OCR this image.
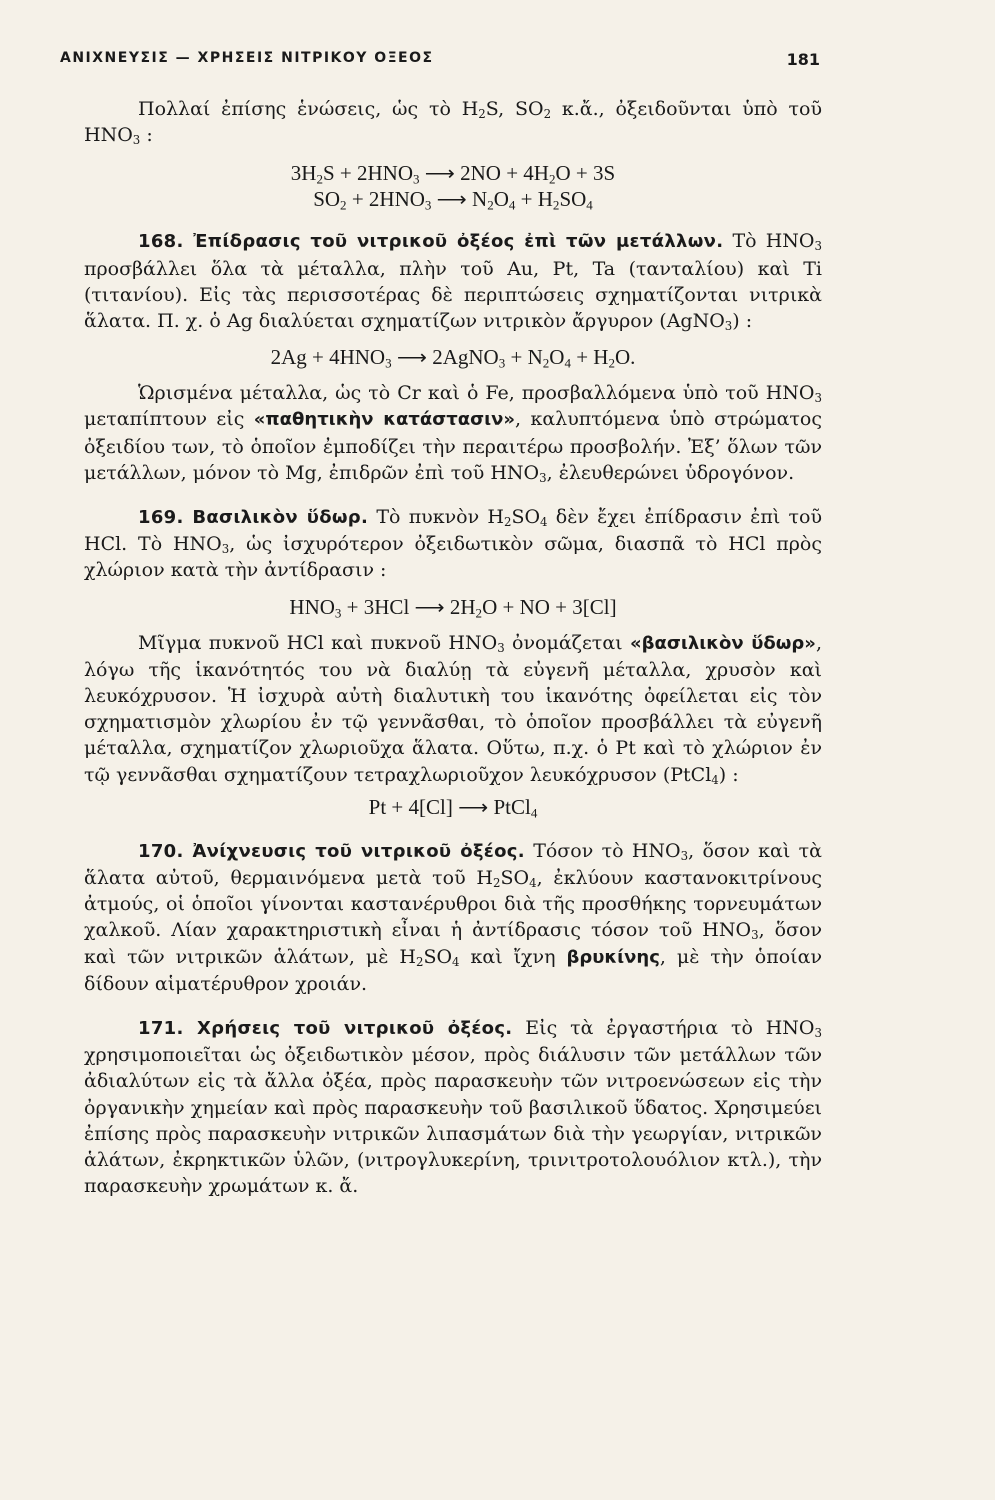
ΑΝΙΧΝΕΥΣΙΣ — ΧΡΗΣΕΙΣ ΝΙΤΡΙΚΟΥ ΟΞΕΟΣ	181

Πολλαί ἐπίσης ἑνώσεις, ὡς τὸ $H_2S$, $SO_2$ κ.ἄ., ὀξειδοῦνται ὑπὸ τοῦ $HNO_3$ :

$3H_2S + 2HNO_3$ ⟶ $2NO + 4H_2O + 3S$
$SO_2 + 2HNO_3$ ⟶ $N_2O_4 + H_2SO_4$

168. Ἐπίδρασις τοῦ νιτρικοῦ ὀξέος ἐπὶ τῶν μετάλλων. Τὸ $HNO_3$ προσβάλλει ὅλα τὰ μέταλλα, πλὴν τοῦ Au, Pt, Ta (τανταλίου) καὶ Ti (τιτανίου). Εἰς τὰς περισσοτέρας δὲ περιπτώσεις σχηματίζονται νιτρικὰ ἅλατα. Π. χ. ὁ Ag διαλύεται σχηματίζων νιτρικὸν ἄργυρον (AgNO$_3$) :

$2Ag + 4HNO_3$ ⟶ 2AgNO$_3$ + $N_2O_4 + H_2O$.

Ὡρισμένα μέταλλα, ὡς τὸ Cr καὶ ὁ Fe, προσβαλλόμενα ὑπὸ τοῦ $HNO_3$ μεταπίπτουν εἰς «παθητικὴν κατάστασιν», καλυπτόμενα ὑπὸ στρώματος ὀξειδίου των, τὸ ὁποῖον ἐμποδίζει τὴν περαιτέρω προσβολήν. Ἐξ’ ὅλων τῶν μετάλλων, μόνον τὸ Mg, ἐπιδρῶν ἐπὶ τοῦ $HNO_3$, ἐλευθερώνει ὑδρογόνον.

169. Βασιλικὸν ὕδωρ. Τὸ πυκνὸν $H_2SO_4$ δὲν ἔχει ἐπίδρασιν ἐπὶ τοῦ HCl. Τὸ $HNO_3$, ὡς ἰσχυρότερον ὀξειδωτικὸν σῶμα, διασπᾶ τὸ HCl πρὸς χλώριον κατὰ τὴν ἀντίδρασιν :

$HNO_3 + 3HCl$ ⟶ $2H_2O$ + NO + 3[Cl]

Μῖγμα πυκνοῦ HCl καὶ πυκνοῦ $HNO_3$ ὀνομάζεται «βασιλικὸν ὕδωρ», λόγω τῆς ἱκανότητός του νὰ διαλύῃ τὰ εὐγενῆ μέταλλα, χρυσὸν καὶ λευκόχρυσον. Ἡ ἰσχυρὰ αὐτὴ διαλυτικὴ του ἱκανότης ὀφείλεται εἰς τὸν σχηματισμὸν χλωρίου ἐν τῷ γεννᾶσθαι, τὸ ὁποῖον προσβάλλει τὰ εὐγενῆ μέταλλα, σχηματίζον χλωριοῦχα ἅλατα. Οὕτω, π.χ. ὁ Pt καὶ τὸ χλώριον ἐν τῷ γεννᾶσθαι σχηματίζουν τετραχλωριοῦχον λευκόχρυσον (PtCl$_4$) :

Pt + 4[Cl] ⟶ PtCl$_4$

170. Ἀνίχνευσις τοῦ νιτρικοῦ ὀξέος. Τόσον τὸ $HNO_3$, ὅσον καὶ τὰ ἅλατα αὐτοῦ, θερμαινόμενα μετὰ τοῦ $H_2SO_4$, ἐκλύουν καστανοκιτρίνους ἀτμούς, οἱ ὁποῖοι γίνονται καστανέρυθροι διὰ τῆς προσθήκης τορνευμάτων χαλκοῦ. Λίαν χαρακτηριστικὴ εἶναι ἡ ἀντίδρασις τόσον τοῦ $HNO_3$, ὅσον καὶ τῶν νιτρικῶν ἁλάτων, μὲ $H_2SO_4$ καὶ ἴχνη βρυκίνης, μὲ τὴν ὁποίαν δίδουν αἱματέρυθρον χροιάν.

171. Χρήσεις τοῦ νιτρικοῦ ὀξέος. Εἰς τὰ ἐργαστήρια τὸ $HNO_3$ χρησιμοποιεῖται ὡς ὀξειδωτικὸν μέσον, πρὸς διάλυσιν τῶν μετάλλων τῶν ἀδιαλύτων εἰς τὰ ἄλλα ὀξέα, πρὸς παρασκευὴν τῶν νιτροενώσεων εἰς τὴν ὀργανικὴν χημείαν καὶ πρὸς παρασκευὴν τοῦ βασιλικοῦ ὕδατος. Χρησιμεύει ἐπίσης πρὸς παρασκευὴν νιτρικῶν λιπασμάτων διὰ τὴν γεωργίαν, νιτρικῶν ἁλάτων, ἐκρηκτικῶν ὑλῶν, (νιτρογλυκερίνη, τρινιτροτολουόλιον κτλ.), τὴν παρασκευὴν χρωμάτων κ. ἄ.
